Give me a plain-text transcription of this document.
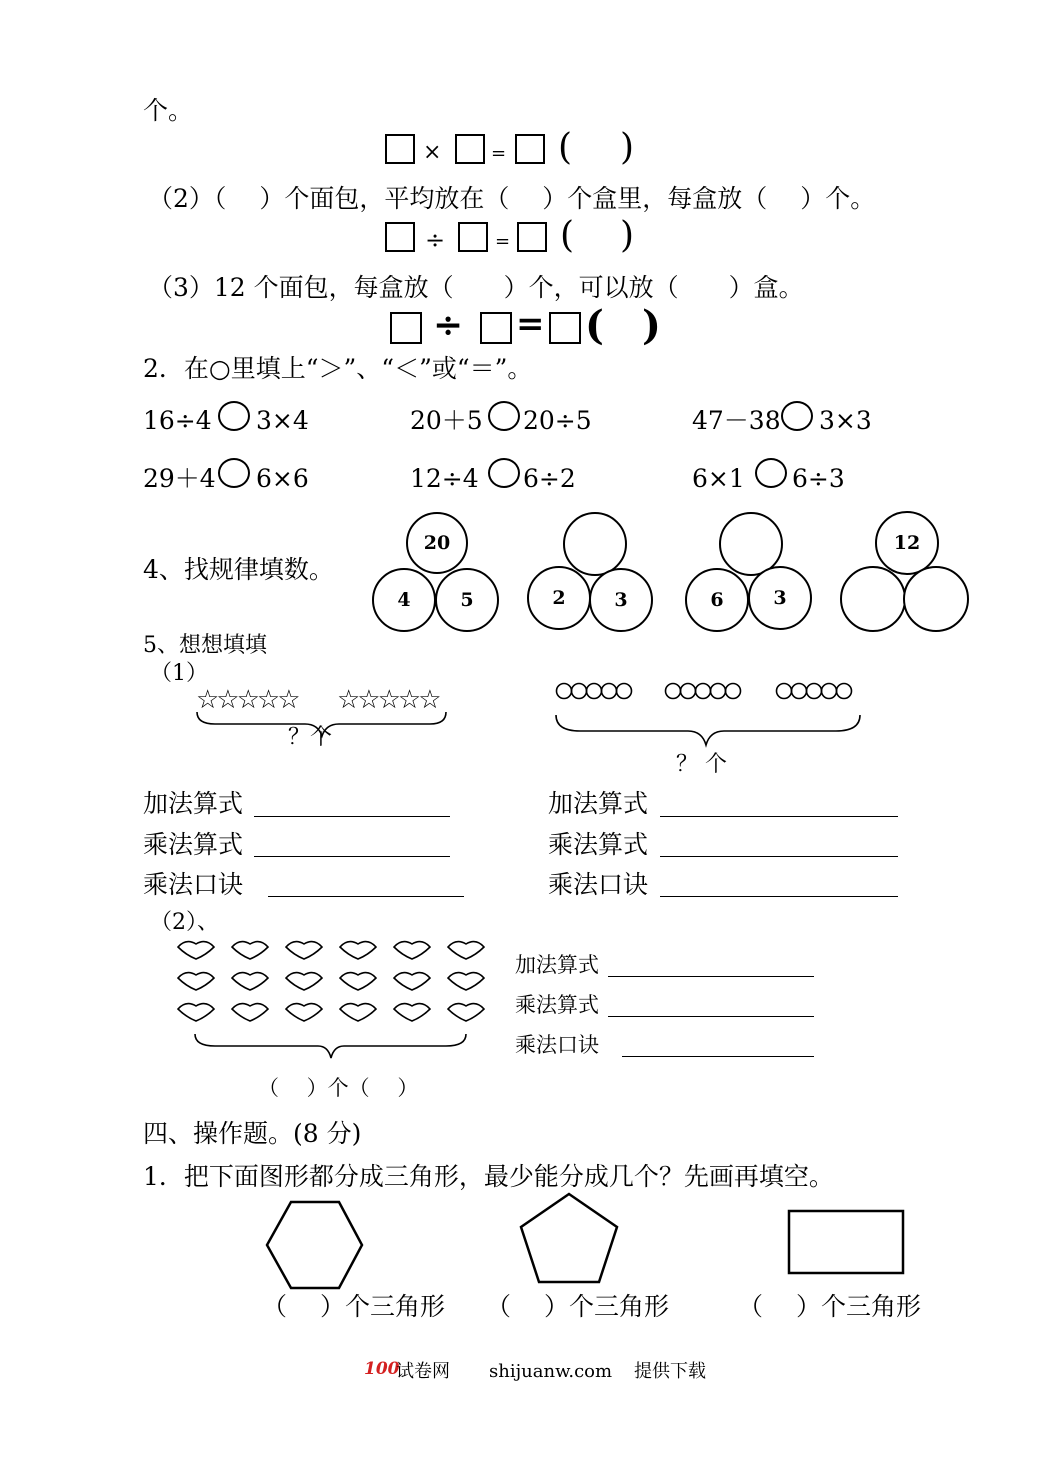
个。
×	= ( )
（2）（　 ）个面包，平均放在（　 ）个盒里，每盒放（　 ）个。
÷	= ( )
（3）12 个面包，每盒放（　　）个，可以放（　　）盒。
÷ = ( )
2．在○里填上“＞”、“＜”或“＝”。
16÷4 3×4	20＋5 20÷5	47－38 3×3
29＋4 6×6	12÷4 6÷2	6×1 6÷3
4、找规律填数。
20
4	5	2	3	6	3
12
5、想想填填
（1）
☆☆☆☆☆ ☆☆☆☆☆
？个
？ 个
加法算式
乘法算式
乘法口诀
加法算式
乘法算式
乘法口诀
（2）、
加法算式
乘法算式
乘法口诀
（　 ）个（　 ）
四、操作题。(8 分)
1．把下面图形都分成三角形，最少能分成几个？先画再填空。
（　 ）个三角形 （　 ）个三角形	（　 ）个三角形
100
试卷网 shijuanw.com 提供下载
